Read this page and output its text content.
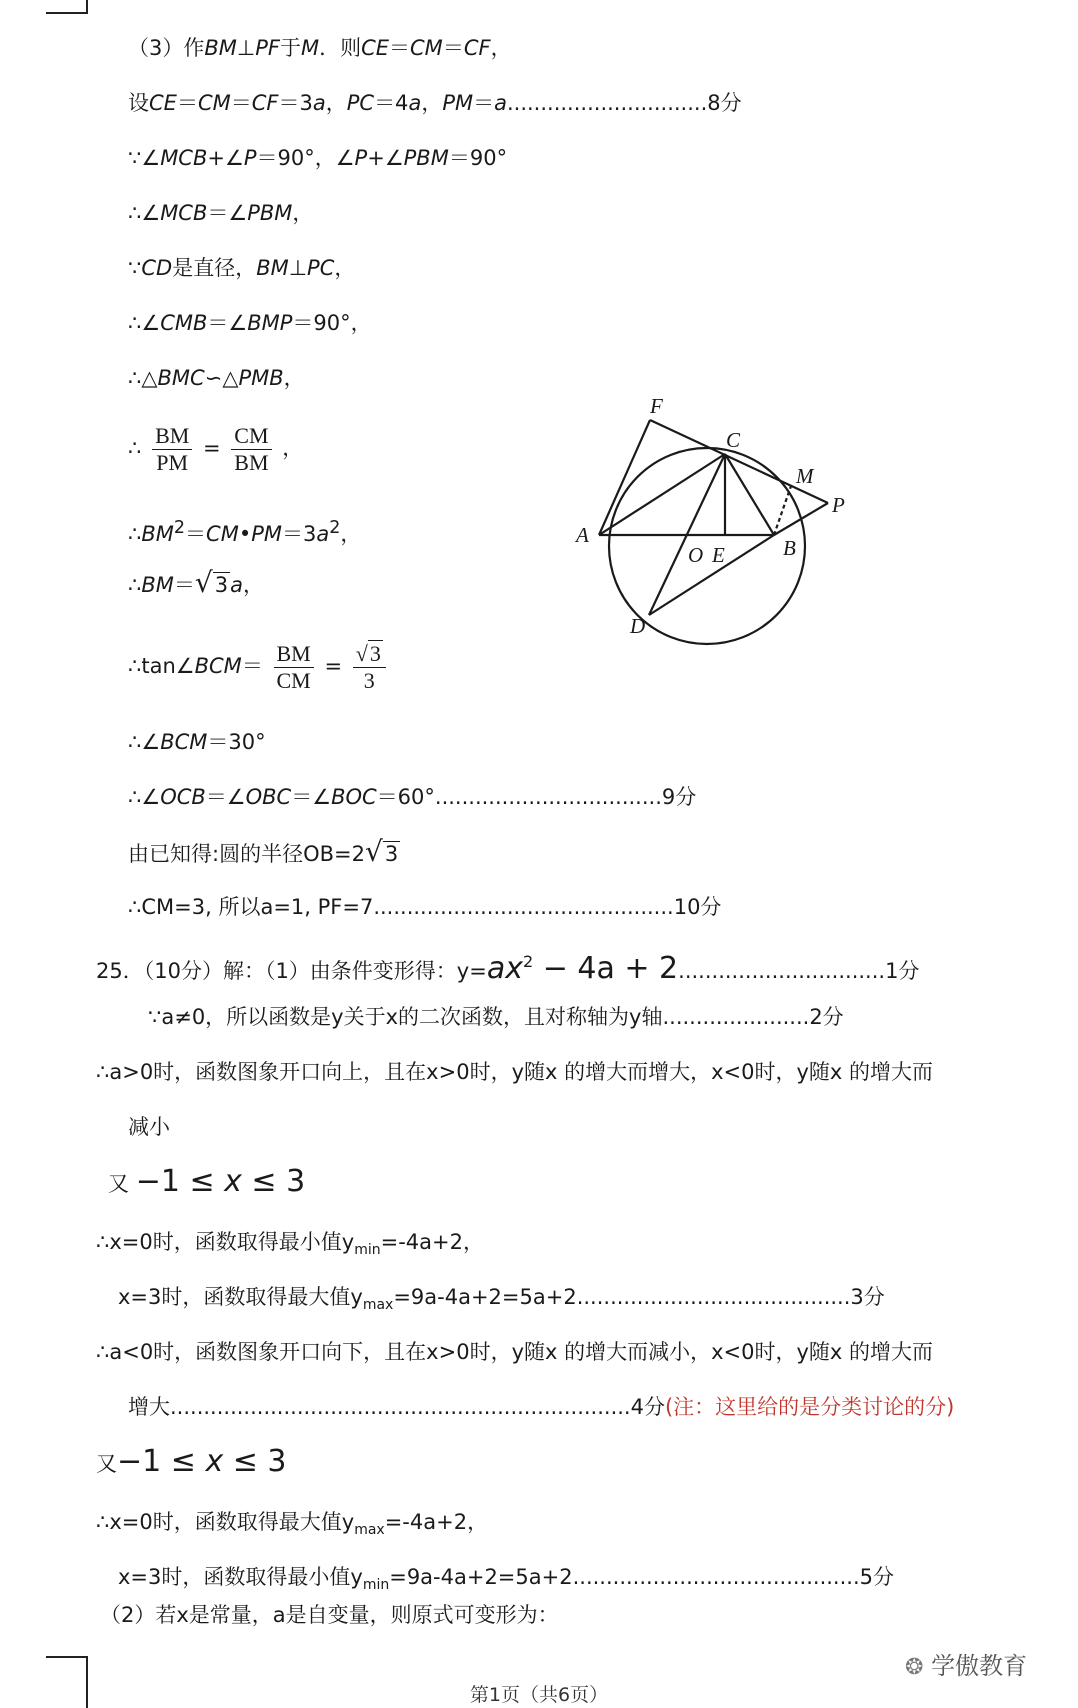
（3）作BM⊥PF于M．则CE＝CM＝CF，
设CE＝CM＝CF＝3a，PC＝4a，PM＝a..............................8分
∵∠MCB+∠P＝90°，∠P+∠PBM＝90°
∴∠MCB＝∠PBM，
∵CD是直径，BM⊥PC，
∴∠CMB＝∠BMP＝90°，
∴△BMC∽△PMB，
∴ $\frac{BM}{PM} = \frac{CM}{BM}$ ，
$\therefore BM^2=CM•PM=3a^2$，
∴BM＝√3a，
∴tan∠BCM＝ $\frac{BM}{CM} = \frac{√3}{3}$
∴∠BCM＝30°
∴∠OCB＝∠OBC＝∠BOC＝60°..................................9分
由已知得:圆的半径OB=2√3
∴CM=3, 所以a=1, PF=7.............................................10分
25．（10分）解：（1）由条件变形得：$y=ax^2 - 4a + 2...............................1$分
∵a≠0，所以函数是y关于x的二次函数，且对称轴为y轴......................2分
∴a>0时，函数图象开口向上，且在x>0时，y随x 的增大而增大，x<0时，y随x 的增大而
减小
又 −1 ≤ x ≤ 3
∴x=0时，函数取得最小值$y_{min}=-4a+2$，
x=3时，函数取得最大值$y_{max}=9a-4a+2=5a+2.........................................3$分
∴a<0时，函数图象开口向下，且在x>0时，y随x 的增大而减小，x<0时，y随x 的增大而
增大.....................................................................4分(注：这里给的是分类讨论的分)
又−1 ≤ x ≤ 3
∴x=0时，函数取得最大值$y_{max}=-4a+2$，
x=3时，函数取得最小值$y_{min}=9a-4a+2=5a+2...........................................5$分
（2）若x是常量，a是自变量，则原式可变形为：
F
C
M
P
A
O E	B
D
❂ 学傲教育
第1页（共6页）
